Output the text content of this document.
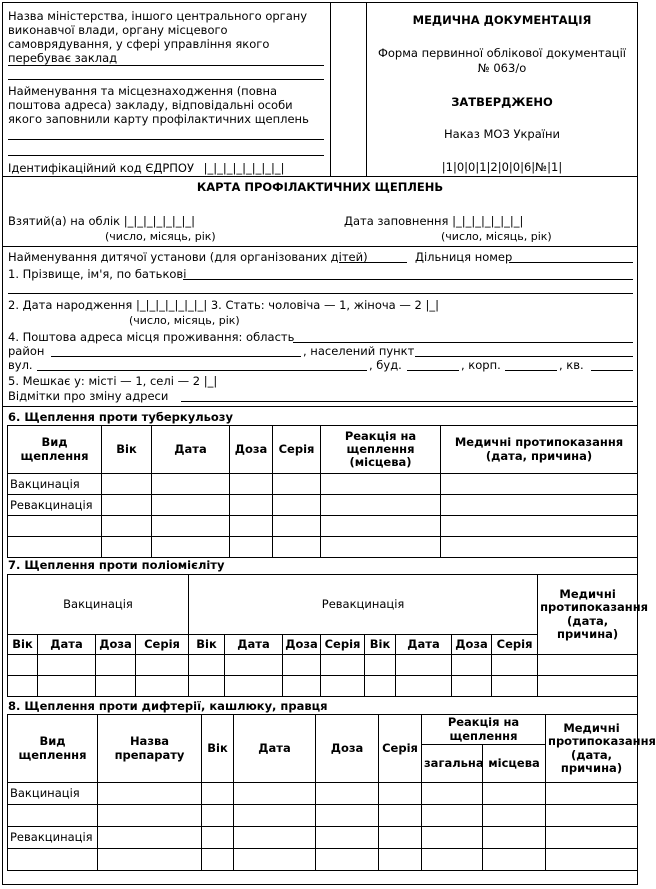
Назва міністерства, іншого центрального органу виконавчої влади, органу місцевого самоврядування, у сфері управління якого перебуває заклад
Найменування та місцезнаходження (повна поштова адреса) закладу, відповідальні особи якого заповнили карту профілактичних щеплень
Ідентифікаційний код ЄДРПОУ |_|_|_|_|_|_|_|_|
МЕДИЧНА ДОКУМЕНТАЦІЯ
Форма первинної облікової документації
№ 063/о
ЗАТВЕРДЖЕНО
Наказ МОЗ України
|1|0|0|1|2|0|0|6|№|1|
КАРТА ПРОФІЛАКТИЧНИХ ЩЕПЛЕНЬ
Взятий(а) на облік |_|_|_|_|_|_|_|
(число, місяць, рік)
Дата заповнення |_|_|_|_|_|_|_|
(число, місяць, рік)
Найменування дитячої установи (для організованих дітей)	Дільниця номер
1. Прізвище, ім'я, по батькові
2. Дата народження |_|_|_|_|_|_|_| 3. Стать: чоловіча — 1, жіноча — 2 |_|
(число, місяць, рік)
4. Поштова адреса місця проживання: область
район	, населений пункт
вул.	, буд.	, корп.	, кв.
5. Мешкає у: місті — 1, селі — 2 |_|
Відмітки про зміну адреси
6. Щеплення проти туберкульозу
Вид щеплення	Вік	Дата	Доза	Серія	Реакція на щеплення (місцева)	Медичні протипоказання (дата, причина)
Вакцинація						
Ревакцинація						

7. Щеплення проти поліомієліту
Вакцинація				Ревакцинація								Медичні протипоказання (дата, причина)
Вік	Дата	Доза	Серія	Вік	Дата	Доза	Серія	Вік	Дата	Доза	Серія	

8. Щеплення проти дифтерії, кашлюку, правця
Вид щеплення	Назва препарату	Вік	Дата	Доза	Серія	Реакція на щеплення		Медичні протипоказання (дата, причина)
						загальна	місцева	
Вакцинація								

Ревакцинація								
